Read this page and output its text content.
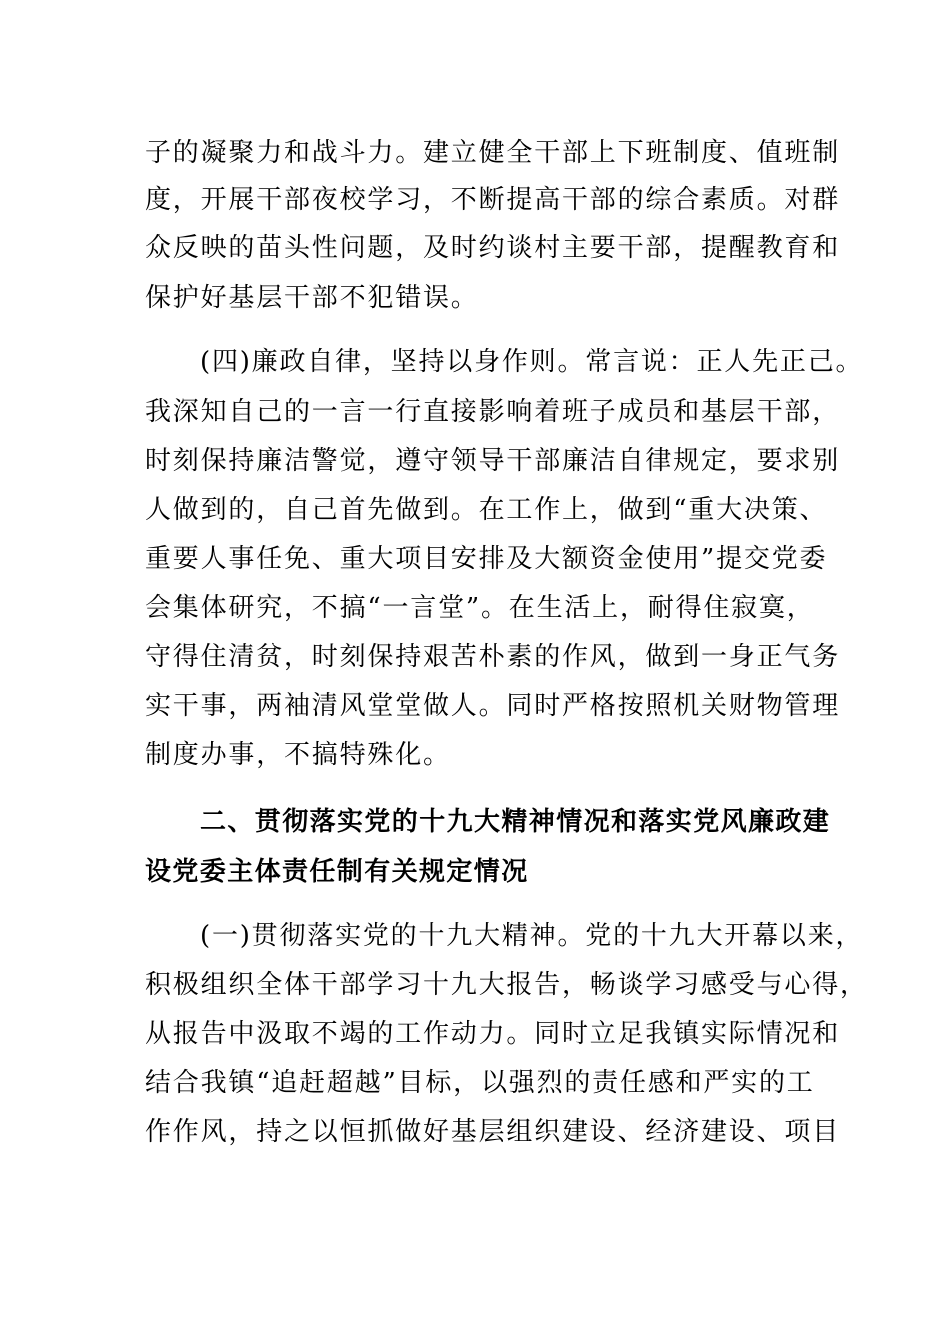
子的凝聚力和战斗力。建立健全干部上下班制度、值班制
度，开展干部夜校学习，不断提高干部的综合素质。对群
众反映的苗头性问题，及时约谈村主要干部，提醒教育和
保护好基层干部不犯错误。
(四)廉政自律，坚持以身作则。常言说：正人先正己。
我深知自己的一言一行直接影响着班子成员和基层干部，
时刻保持廉洁警觉，遵守领导干部廉洁自律规定，要求别
人做到的，自己首先做到。在工作上，做到“重大决策、
重要人事任免、重大项目安排及大额资金使用”提交党委
会集体研究，不搞“一言堂”。在生活上，耐得住寂寞，
守得住清贫，时刻保持艰苦朴素的作风，做到一身正气务
实干事，两袖清风堂堂做人。同时严格按照机关财物管理
制度办事，不搞特殊化。
二、贯彻落实党的十九大精神情况和落实党风廉政建
设党委主体责任制有关规定情况
(一)贯彻落实党的十九大精神。党的十九大开幕以来，
积极组织全体干部学习十九大报告，畅谈学习感受与心得，
从报告中汲取不竭的工作动力。同时立足我镇实际情况和
结合我镇“追赶超越”目标，以强烈的责任感和严实的工
作作风，持之以恒抓做好基层组织建设、经济建设、项目
